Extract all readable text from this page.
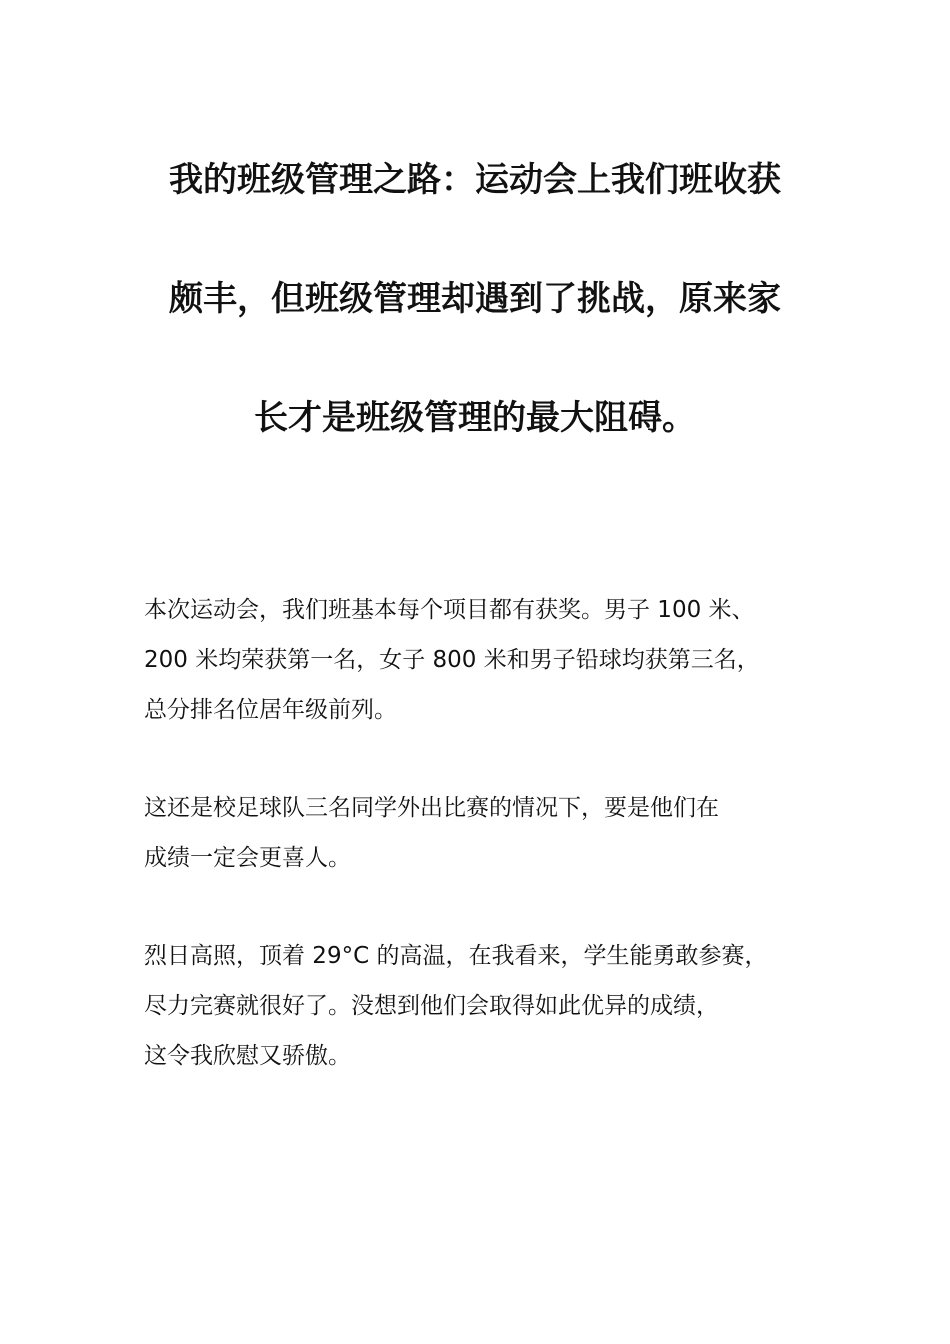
我的班级管理之路：运动会上我们班收获
颇丰，但班级管理却遇到了挑战，原来家
长才是班级管理的最大阻碍。

本次运动会，我们班基本每个项目都有获奖。男子 100 米、
200 米均荣获第一名，女子 800 米和男子铅球均获第三名，
总分排名位居年级前列。

这还是校足球队三名同学外出比赛的情况下，要是他们在
成绩一定会更喜人。

烈日高照，顶着 29°C 的高温，在我看来，学生能勇敢参赛，
尽力完赛就很好了。没想到他们会取得如此优异的成绩，
这令我欣慰又骄傲。
